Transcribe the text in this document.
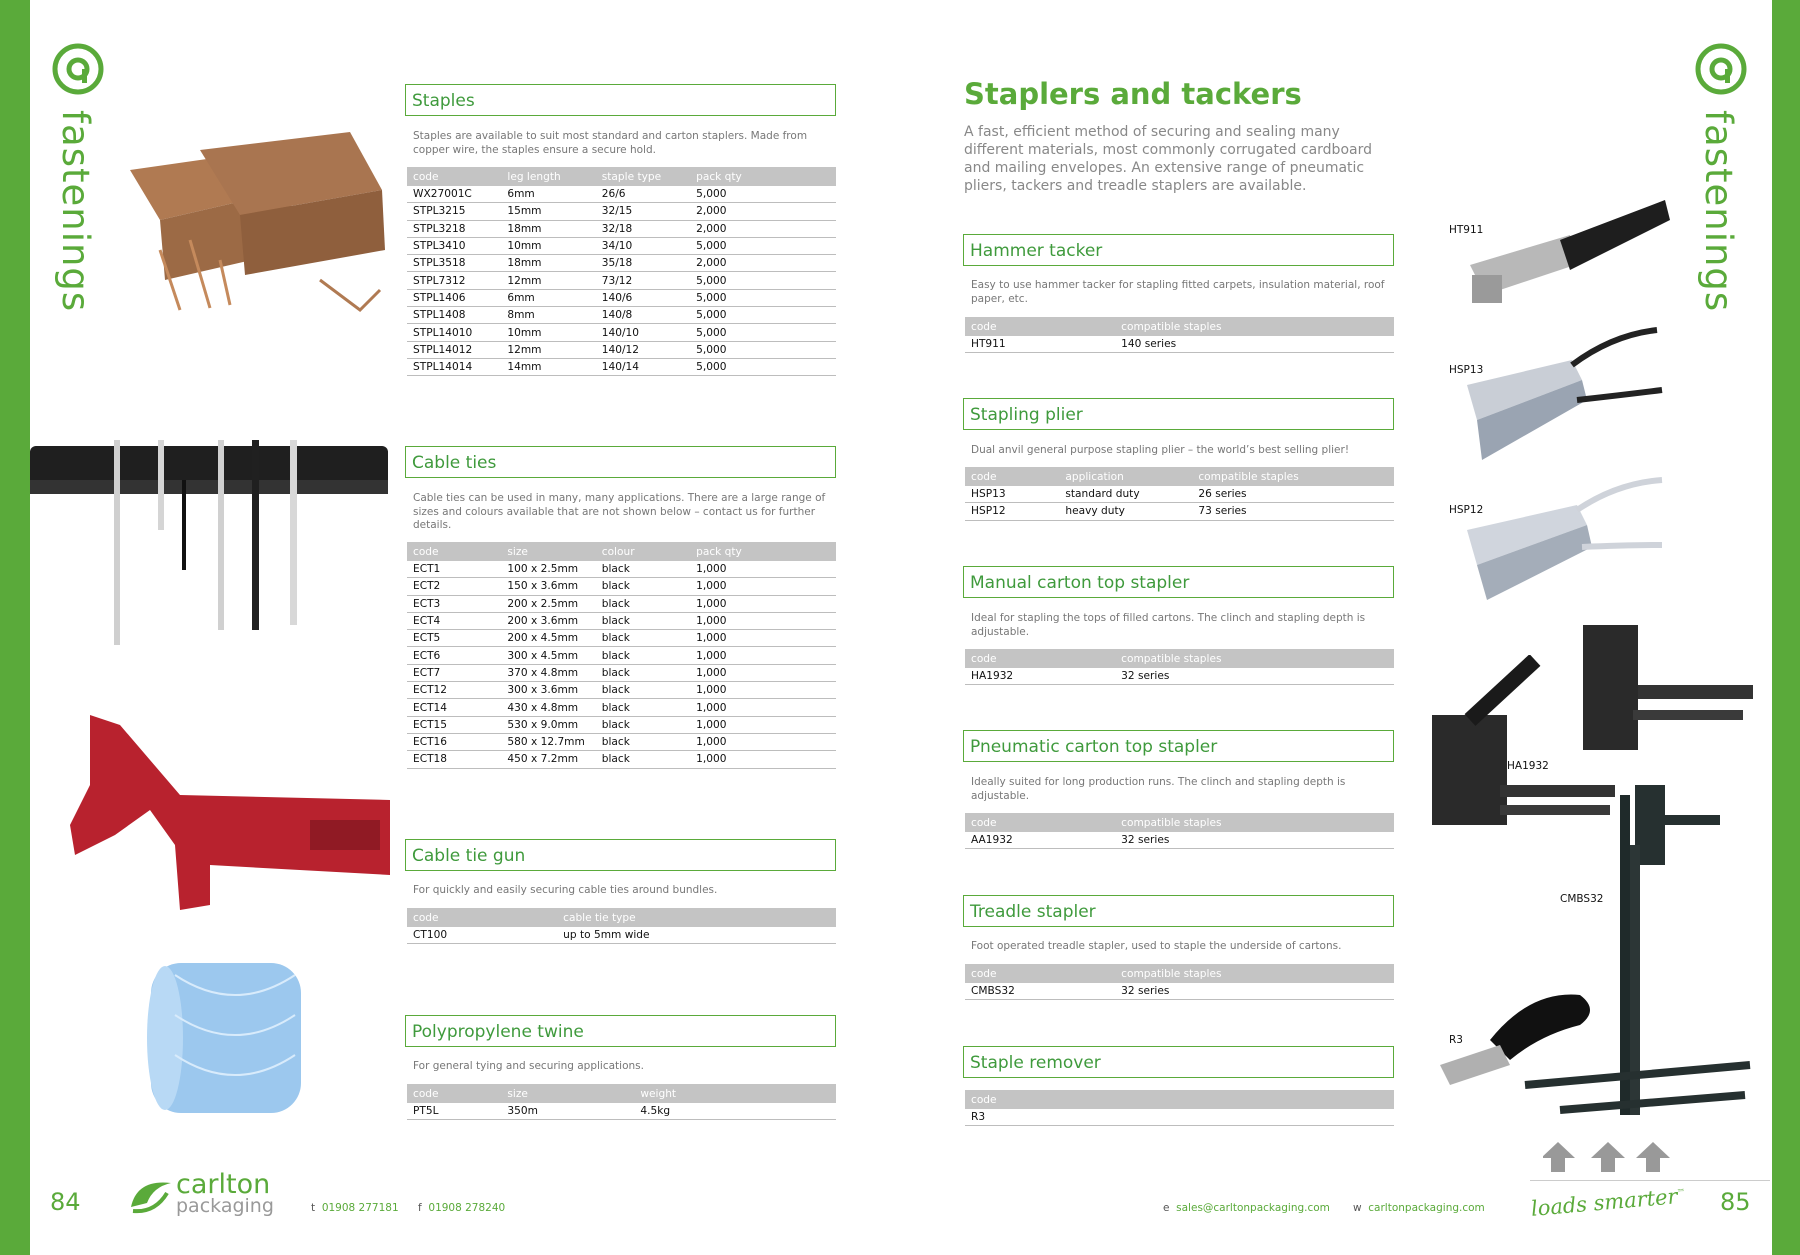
fastenings	fastenings
Staples
Staples are available to suit most standard and carton staplers. Made from copper wire, the staples ensure a secure hold.
code	leg length	staple type	pack qty
WX27001C	6mm	26/6	5,000
STPL3215	15mm	32/15	2,000
STPL3218	18mm	32/18	2,000
STPL3410	10mm	34/10	5,000
STPL3518	18mm	35/18	2,000
STPL7312	12mm	73/12	5,000
STPL1406	6mm	140/6	5,000
STPL1408	8mm	140/8	5,000
STPL14010	10mm	140/10	5,000
STPL14012	12mm	140/12	5,000
STPL14014	14mm	140/14	5,000
Cable ties
Cable ties can be used in many, many applications. There are a large range of sizes and colours available that are not shown below – contact us for further details.
code	size	colour	pack qty
ECT1	100 x 2.5mm	black	1,000
ECT2	150 x 3.6mm	black	1,000
ECT3	200 x 2.5mm	black	1,000
ECT4	200 x 3.6mm	black	1,000
ECT5	200 x 4.5mm	black	1,000
ECT6	300 x 4.5mm	black	1,000
ECT7	370 x 4.8mm	black	1,000
ECT12	300 x 3.6mm	black	1,000
ECT14	430 x 4.8mm	black	1,000
ECT15	530 x 9.0mm	black	1,000
ECT16	580 x 12.7mm	black	1,000
ECT18	450 x 7.2mm	black	1,000
Cable tie gun
For quickly and easily securing cable ties around bundles.
code	cable tie type
CT100	up to 5mm wide
Polypropylene twine
For general tying and securing applications.
code	size	weight
PT5L	350m	4.5kg
Staplers and tackers
A fast, efficient method of securing and sealing many different materials, most commonly corrugated cardboard and mailing envelopes. An extensive range of pneumatic pliers, tackers and treadle staplers are available.
Hammer tacker
Easy to use hammer tacker for stapling fitted carpets, insulation material, roof paper, etc.
code	compatible staples
HT911	140 series
Stapling plier
Dual anvil general purpose stapling plier – the world’s best selling plier!
code	application	compatible staples
HSP13	standard duty	26 series
HSP12	heavy duty	73 series
Manual carton top stapler
Ideal for stapling the tops of filled cartons. The clinch and stapling depth is adjustable.
code	compatible staples
HA1932	32 series
Pneumatic carton top stapler
Ideally suited for long production runs. The clinch and stapling depth is adjustable.
code	compatible staples
AA1932	32 series
Treadle stapler
Foot operated treadle stapler, used to staple the underside of cartons.
code	compatible staples
CMBS32	32 series
Staple remover
code
R3
HT911
HSP13
HSP12
HA1932
CMBS32
R3
84	85
carlton
packaging	t 01908 277181 f 01908 278240	e sales@carltonpackaging.com w carltonpackaging.com loads smarter™
